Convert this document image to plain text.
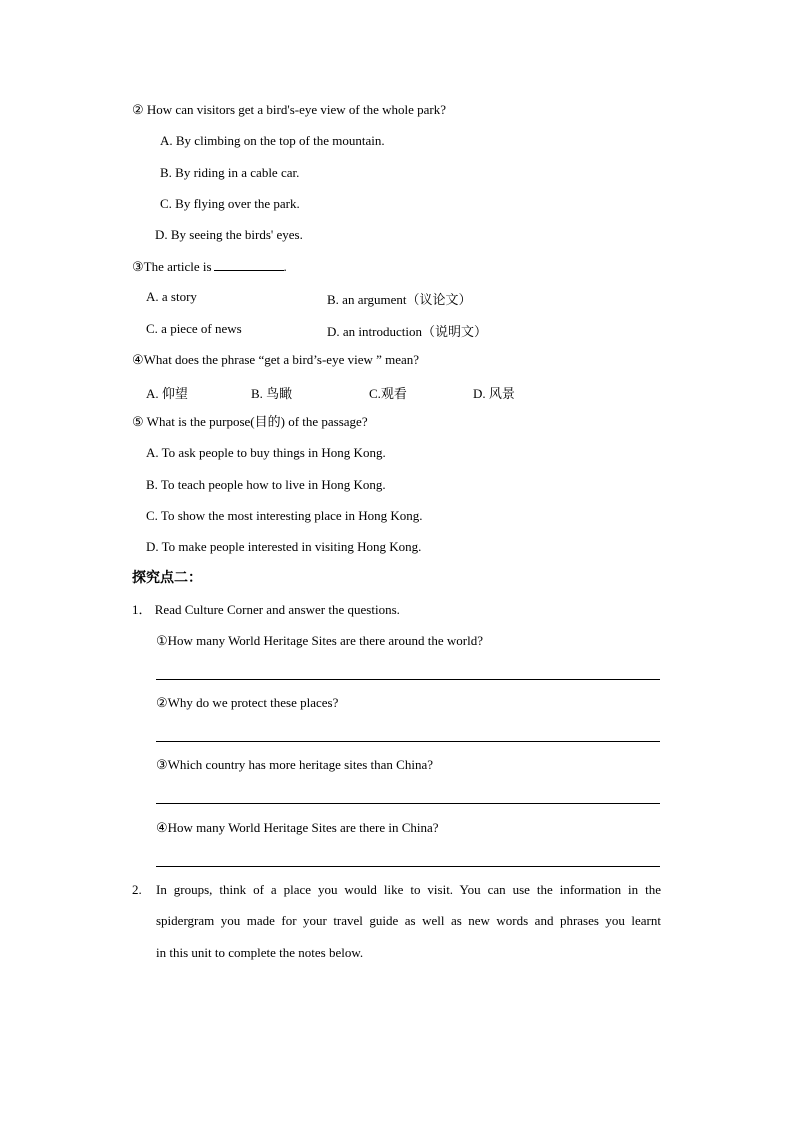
② How can visitors get a bird's-eye view of the whole park?
A. By climbing on the top of the mountain.
B. By riding in a cable car.
C. By flying over the park.
D. By seeing the birds' eyes.
③The article is	.
A. a story	B. an argument（议论文）
C. a piece of news	D. an introduction（说明文）
④What does the phrase “get a bird’s-eye view ” mean?
A. 仰望	B. 鸟瞰	C.观看	D. 风景
⑤ What is the purpose(目的) of the passage?
A. To ask people to buy things in Hong Kong.
B. To teach people how to live in Hong Kong.
C. To show the most interesting place in Hong Kong.
D. To make people interested in visiting Hong Kong.
探究点二：
1． Read Culture Corner and answer the questions.
①How many World Heritage Sites are there around the world?
②Why do we protect these places?
③Which country has more heritage sites than China?
④How many World Heritage Sites are there in China?
2. In groups, think of a place you would like to visit. You can use the information in the
spidergram you made for your travel guide as well as new words and phrases you learnt
in this unit to complete the notes below.
